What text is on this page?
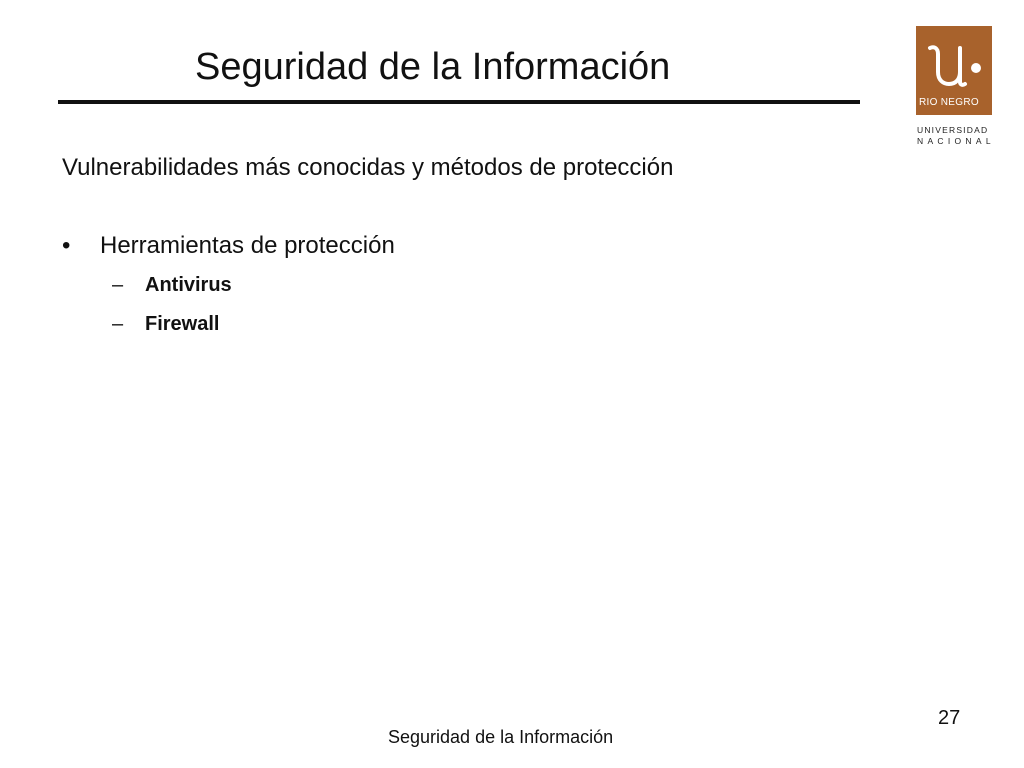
Seguridad de la Información
RIO NEGRO
UNIVERSIDAD
NACIONAL
Vulnerabilidades más conocidas y métodos de protección
• Herramientas de protección
– Antivirus
– Firewall
27
Seguridad de la Información
